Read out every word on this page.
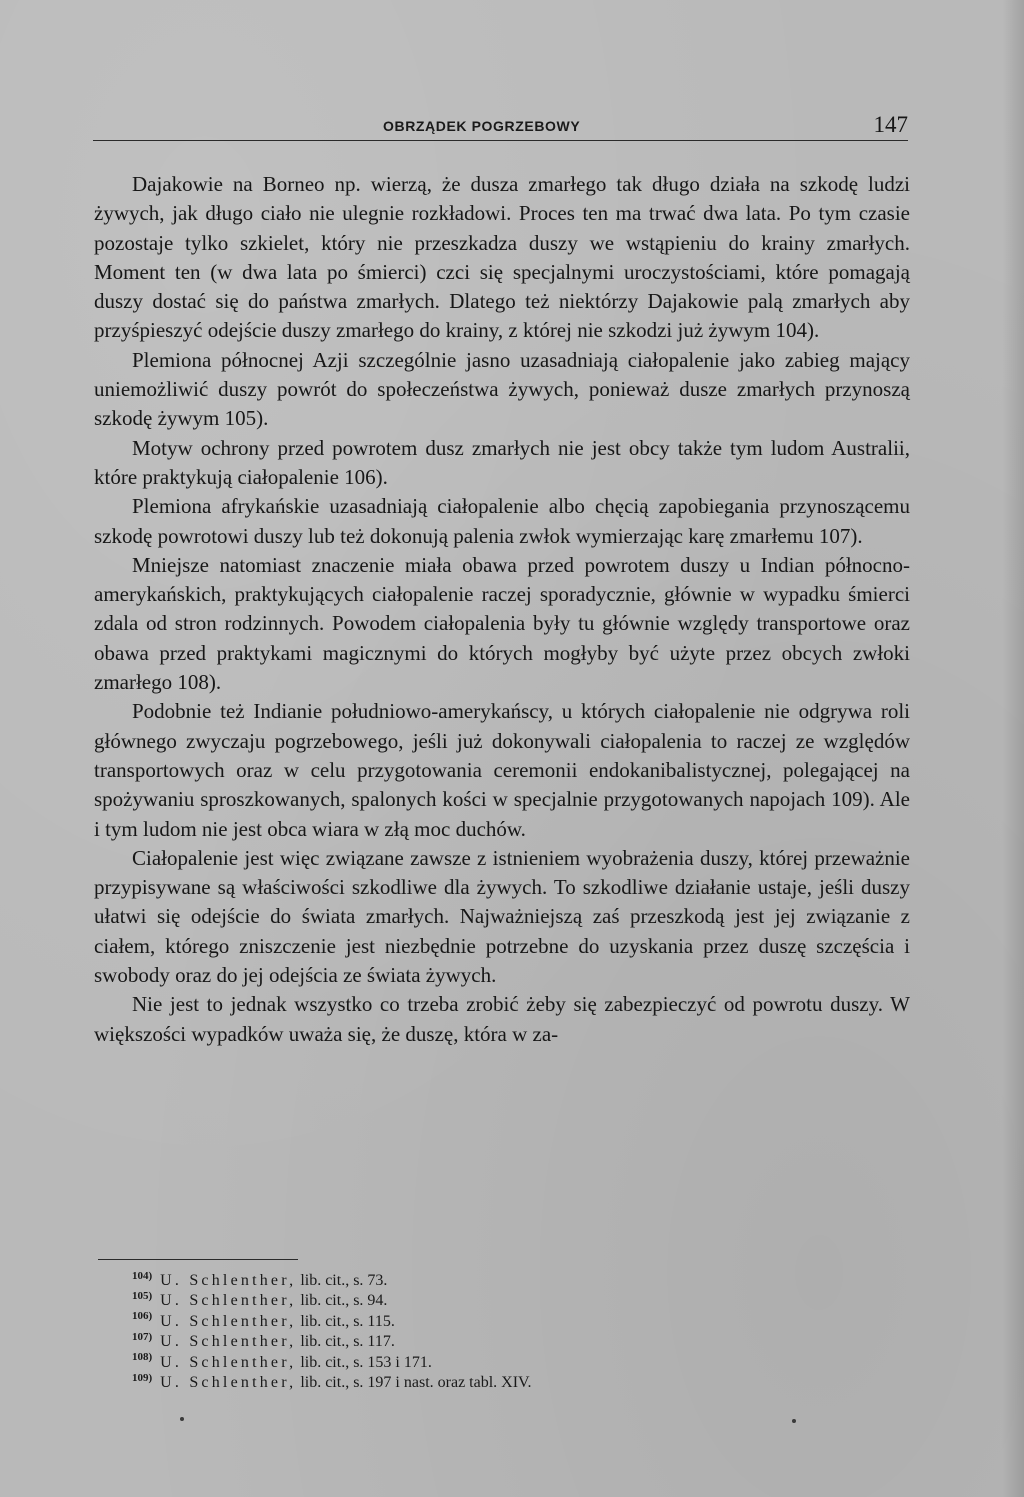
OBRZĄDEK POGRZEBOWY	147

Dajakowie na Borneo np. wierzą, że dusza zmarłego tak długo działa na szkodę ludzi żywych, jak długo ciało nie ulegnie rozkładowi. Proces ten ma trwać dwa lata. Po tym czasie pozostaje tylko szkielet, który nie przeszkadza duszy we wstąpieniu do krainy zmarłych. Moment ten (w dwa lata po śmierci) czci się specjalnymi uroczystościami, które pomagają duszy dostać się do państwa zmarłych. Dlatego też niektórzy Dajakowie palą zmarłych aby przyśpieszyć odejście duszy zmarłego do krainy, z której nie szkodzi już żywym 104).

Plemiona północnej Azji szczególnie jasno uzasadniają ciałopalenie jako zabieg mający uniemożliwić duszy powrót do społeczeństwa żywych, ponieważ dusze zmarłych przynoszą szkodę żywym 105).

Motyw ochrony przed powrotem dusz zmarłych nie jest obcy także tym ludom Australii, które praktykują ciałopalenie 106).

Plemiona afrykańskie uzasadniają ciałopalenie albo chęcią zapobiegania przynoszącemu szkodę powrotowi duszy lub też dokonują palenia zwłok wymierzając karę zmarłemu 107).

Mniejsze natomiast znaczenie miała obawa przed powrotem duszy u Indian północno-amerykańskich, praktykujących ciałopalenie raczej sporadycznie, głównie w wypadku śmierci zdala od stron rodzinnych. Powodem ciałopalenia były tu głównie względy transportowe oraz obawa przed praktykami magicznymi do których mogłyby być użyte przez obcych zwłoki zmarłego 108).

Podobnie też Indianie południowo-amerykańscy, u których ciałopalenie nie odgrywa roli głównego zwyczaju pogrzebowego, jeśli już dokonywali ciałopalenia to raczej ze względów transportowych oraz w celu przygotowania ceremonii endokanibalistycznej, polegającej na spożywaniu sproszkowanych, spalonych kości w specjalnie przygotowanych napojach 109). Ale i tym ludom nie jest obca wiara w złą moc duchów.

Ciałopalenie jest więc związane zawsze z istnieniem wyobrażenia duszy, której przeważnie przypisywane są właściwości szkodliwe dla żywych. To szkodliwe działanie ustaje, jeśli duszy ułatwi się odejście do świata zmarłych. Najważniejszą zaś przeszkodą jest jej związanie z ciałem, którego zniszczenie jest niezbędnie potrzebne do uzyskania przez duszę szczęścia i swobody oraz do jej odejścia ze świata żywych.

Nie jest to jednak wszystko co trzeba zrobić żeby się zabezpieczyć od powrotu duszy. W większości wypadków uważa się, że duszę, która w za-

$^{104)}$ U. Schlenther, lib. cit., s. 73.
$^{105)}$ U. Schlenther, lib. cit., s. 94.
$^{106)}$ U. Schlenther, lib. cit., s. 115.
$^{107)}$ U. Schlenther, lib. cit., s. 117.
$^{108)}$ U. Schlenther, lib. cit., s. 153 i 171.
$^{109)}$ U. Schlenther, lib. cit., s. 197 i nast. oraz tabl. XIV.
